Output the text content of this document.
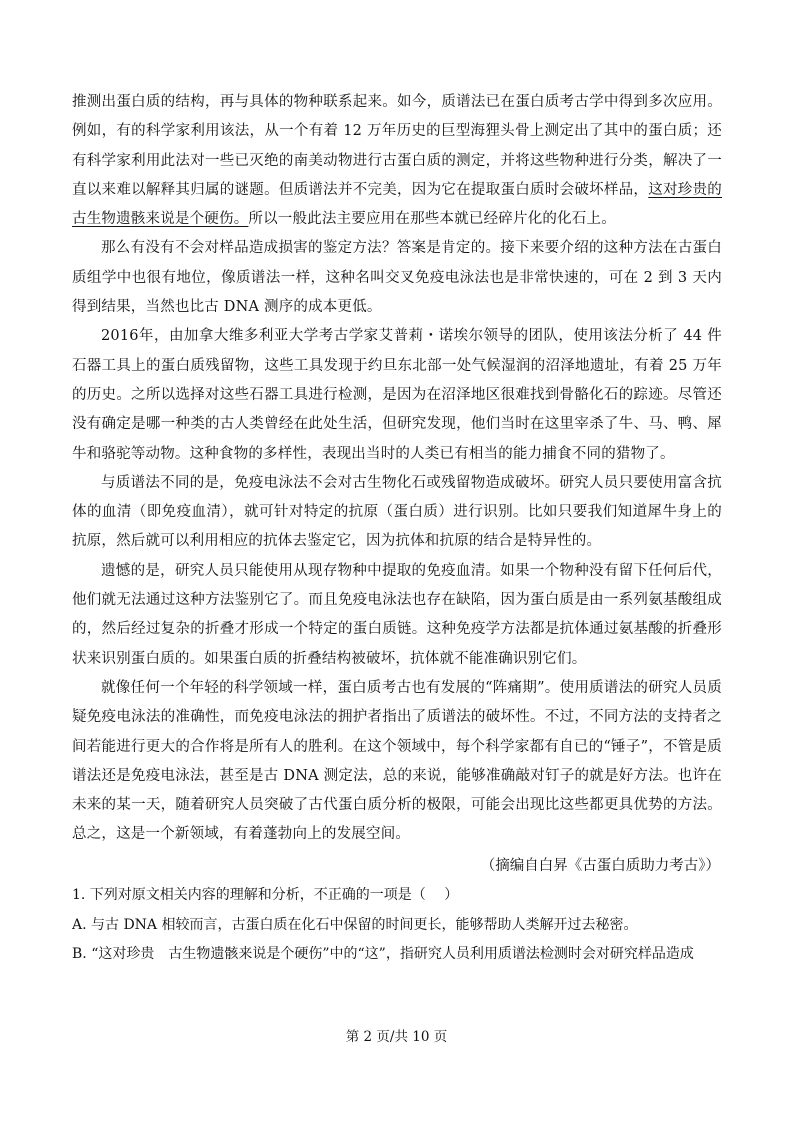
推测出蛋白质的结构，再与具体的物种联系起来。如今，质谱法已在蛋白质考古学中得到多次应用。例如，有的科学家利用该法，从一个有着 12 万年历史的巨型海狸头骨上测定出了其中的蛋白质；还有科学家利用此法对一些已灭绝的南美动物进行古蛋白质的测定，并将这些物种进行分类，解决了一直以来难以解释其归属的谜题。但质谱法并不完美，因为它在提取蛋白质时会破坏样品，这对珍贵的古生物遗骸来说是个硬伤。所以一般此法主要应用在那些本就已经碎片化的化石上。

那么有没有不会对样品造成损害的鉴定方法？答案是肯定的。接下来要介绍的这种方法在古蛋白质组学中也很有地位，像质谱法一样，这种名叫交叉免疫电泳法也是非常快速的，可在 2 到 3 天内得到结果，当然也比古 DNA 测序的成本更低。

2016年，由加拿大维多利亚大学考古学家艾普莉・诺埃尔领导的团队，使用该法分析了 44 件石器工具上的蛋白质残留物，这些工具发现于约旦东北部一处气候湿润的沼泽地遗址，有着 25 万年的历史。之所以选择对这些石器工具进行检测，是因为在沼泽地区很难找到骨骼化石的踪迹。尽管还没有确定是哪一种类的古人类曾经在此处生活，但研究发现，他们当时在这里宰杀了牛、马、鸭、犀牛和骆驼等动物。这种食物的多样性，表现出当时的人类已有相当的能力捕食不同的猎物了。

与质谱法不同的是，免疫电泳法不会对古生物化石或残留物造成破坏。研究人员只要使用富含抗体的血清（即免疫血清），就可针对特定的抗原（蛋白质）进行识别。比如只要我们知道犀牛身上的抗原，然后就可以利用相应的抗体去鉴定它，因为抗体和抗原的结合是特异性的。

遗憾的是，研究人员只能使用从现存物种中提取的免疫血清。如果一个物种没有留下任何后代， 他们就无法通过这种方法鉴别它了。而且免疫电泳法也存在缺陷，因为蛋白质是由一系列氨基酸组成的，然后经过复杂的折叠才形成一个特定的蛋白质链。这种免疫学方法都是抗体通过氨基酸的折叠形状来识别蛋白质的。如果蛋白质的折叠结构被破坏，抗体就不能准确识别它们。

就像任何一个年轻的科学领域一样，蛋白质考古也有发展的“阵痛期”。使用质谱法的研究人员质疑免疫电泳法的准确性，而免疫电泳法的拥护者指出了质谱法的破坏性。不过，不同方法的支持者之间若能进行更大的合作将是所有人的胜利。在这个领域中，每个科学家都有自已的“锤子”，不管是质谱法还是免疫电泳法，甚至是古 DNA 测定法，总的来说，能够准确敲对钉子的就是好方法。也许在未来的某一天，随着研究人员突破了古代蛋白质分析的极限，可能会出现比这些都更具优势的方法。总之，这是一个新领域，有着蓬勃向上的发展空间。

（摘编自白昇《古蛋白质助力考古》）

1. 下列对原文相关内容的理解和分析，不正确的一项是（　 ）

A. 与古 DNA 相较而言，古蛋白质在化石中保留的时间更长，能够帮助人类解开过去秘密。

B. “这对珍贵　古生物遗骸来说是个硬伤”中的“这”，指研究人员利用质谱法检测时会对研究样品造成

第 2 页/共 10 页
